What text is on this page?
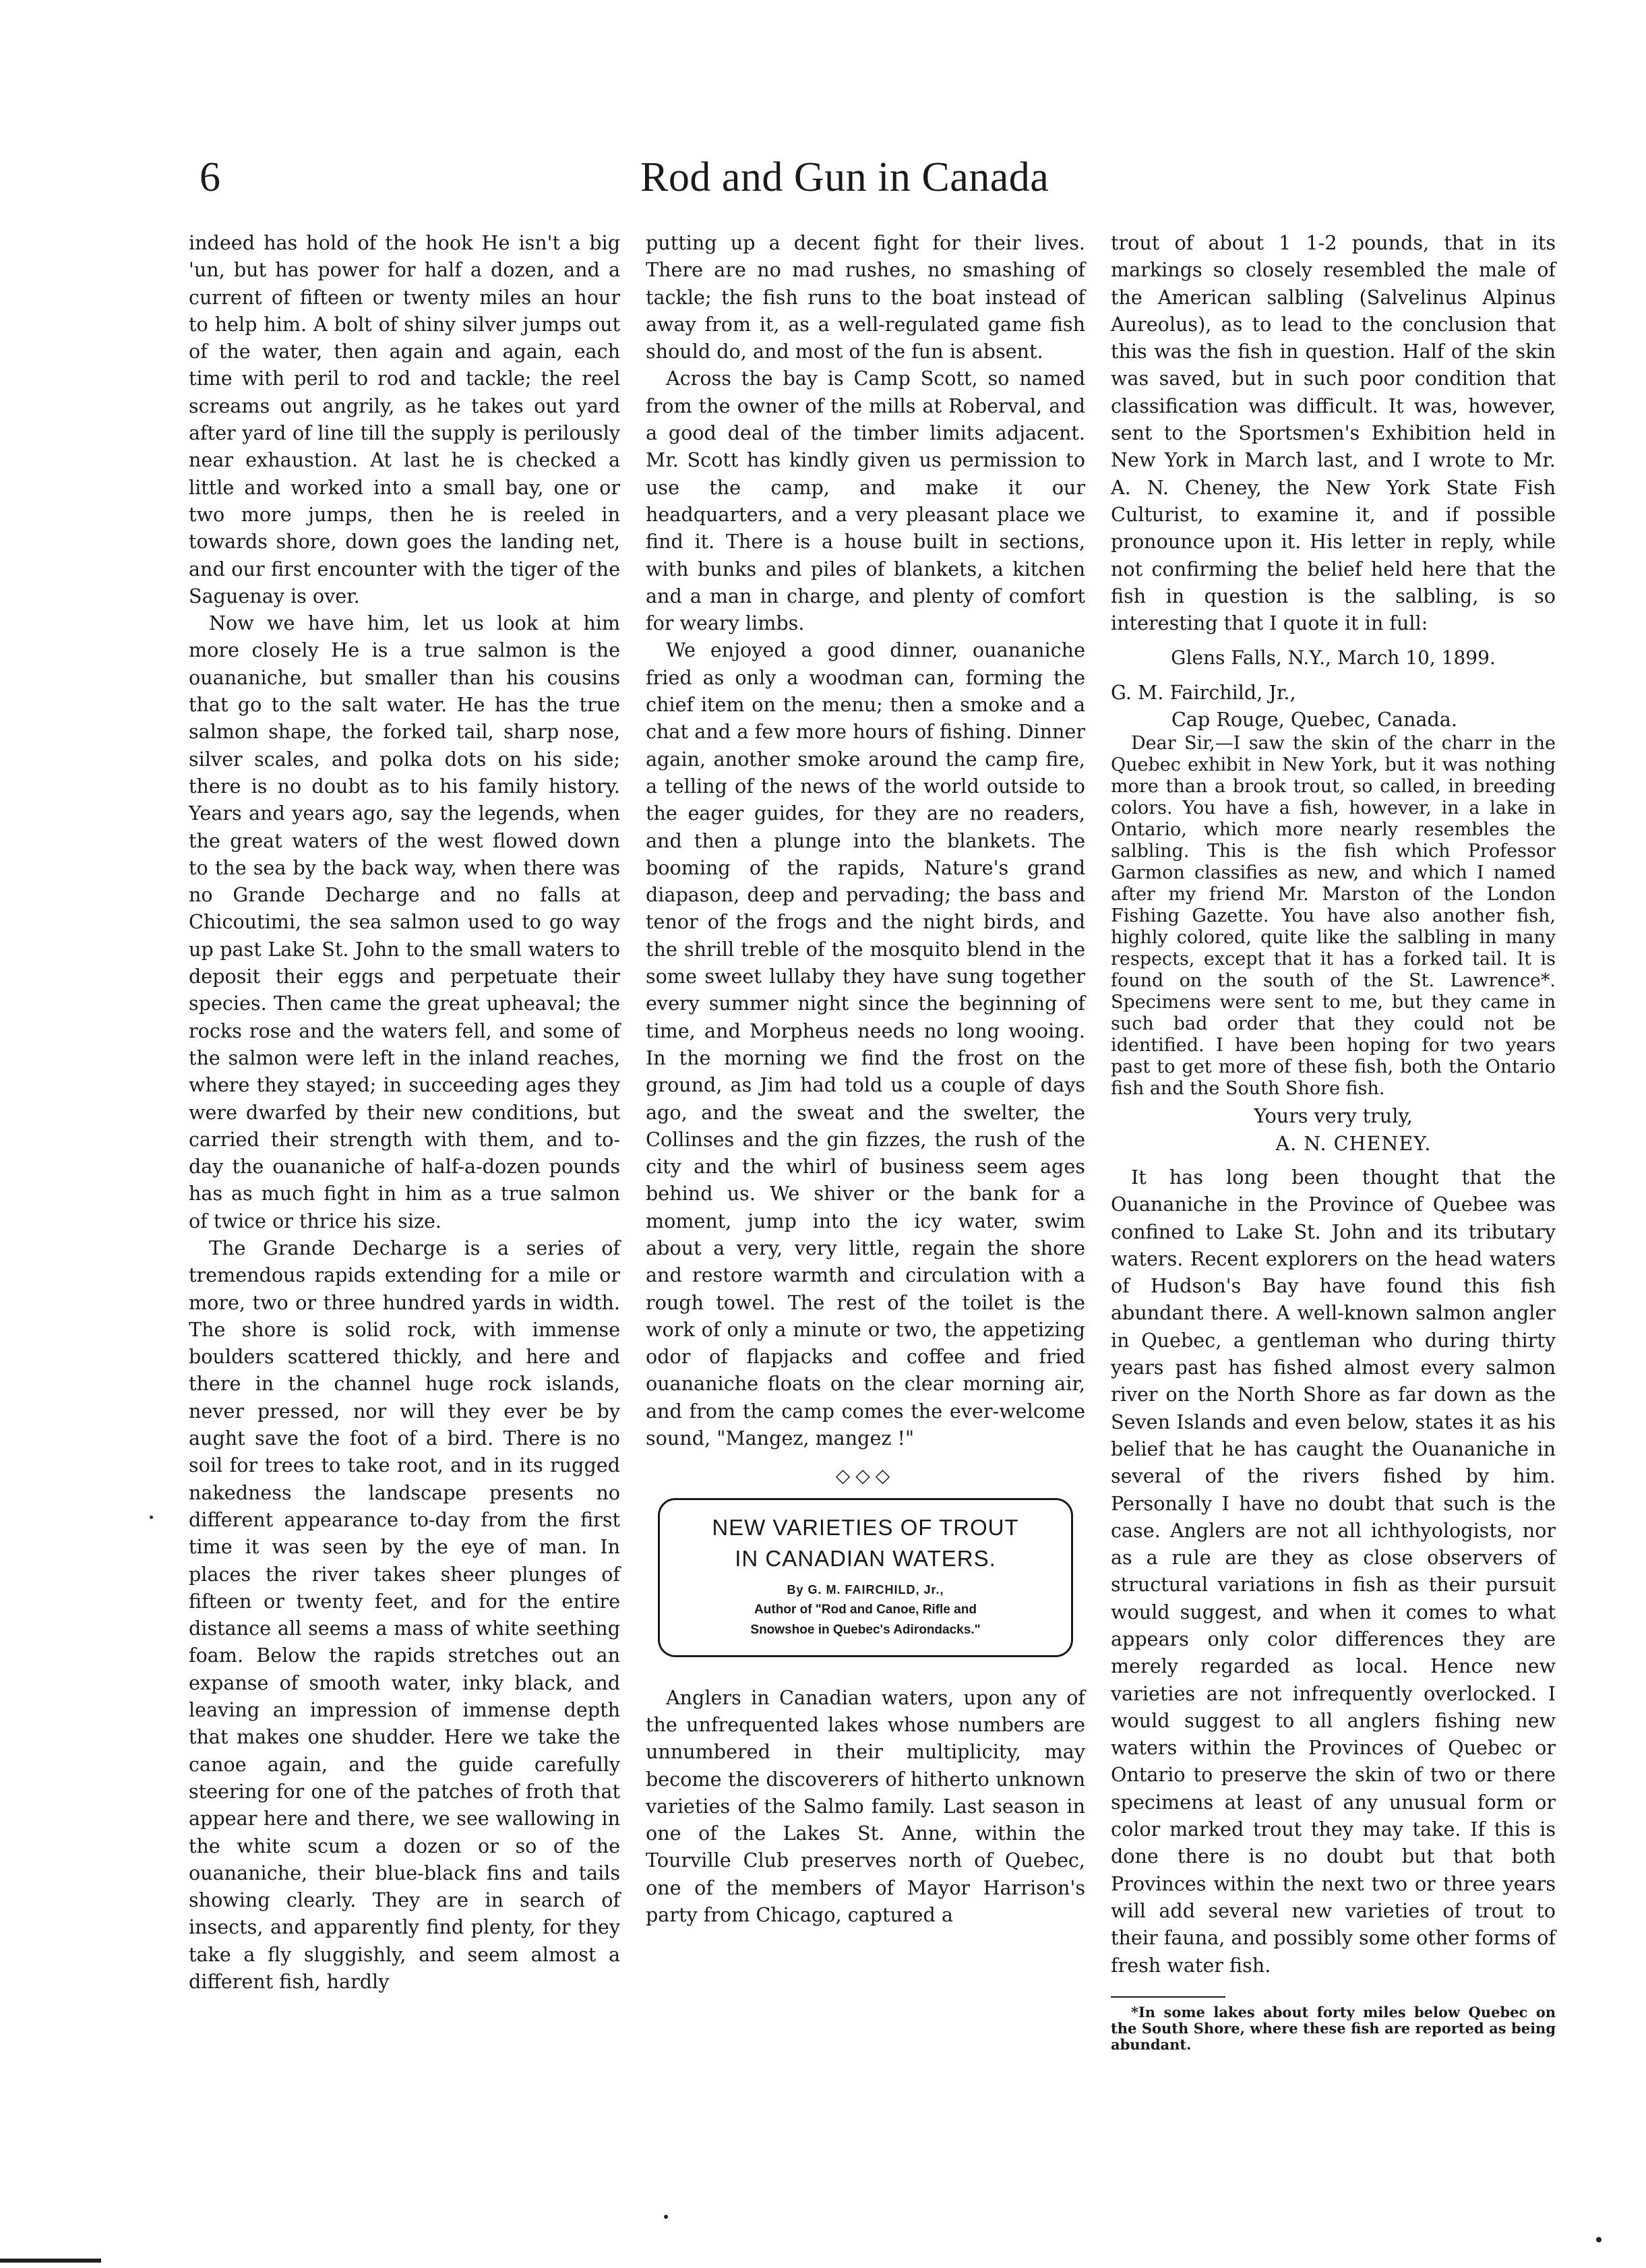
6	Rod and Gun in Canada

indeed has hold of the hook He isn't a big 'un, but has power for half a dozen, and a current of fifteen or twenty miles an hour to help him. A bolt of shiny silver jumps out of the water, then again and again, each time with peril to rod and tackle; the reel screams out angrily, as he takes out yard after yard of line till the supply is perilously near exhaustion. At last he is checked a little and worked into a small bay, one or two more jumps, then he is reeled in towards shore, down goes the landing net, and our first encounter with the tiger of the Saguenay is over.

Now we have him, let us look at him more closely He is a true salmon is the ouananiche, but smaller than his cousins that go to the salt water. He has the true salmon shape, the forked tail, sharp nose, silver scales, and polka dots on his side; there is no doubt as to his family history. Years and years ago, say the legends, when the great waters of the west flowed down to the sea by the back way, when there was no Grande Decharge and no falls at Chicoutimi, the sea salmon used to go way up past Lake St. John to the small waters to deposit their eggs and perpetuate their species. Then came the great upheaval; the rocks rose and the waters fell, and some of the salmon were left in the inland reaches, where they stayed; in succeeding ages they were dwarfed by their new conditions, but carried their strength with them, and to-day the ouananiche of half-a-dozen pounds has as much fight in him as a true salmon of twice or thrice his size.

The Grande Decharge is a series of tremendous rapids extending for a mile or more, two or three hundred yards in width. The shore is solid rock, with immense boulders scattered thickly, and here and there in the channel huge rock islands, never pressed, nor will they ever be by aught save the foot of a bird. There is no soil for trees to take root, and in its rugged nakedness the landscape presents no different appearance to-day from the first time it was seen by the eye of man. In places the river takes sheer plunges of fifteen or twenty feet, and for the entire distance all seems a mass of white seething foam. Below the rapids stretches out an expanse of smooth water, inky black, and leaving an impression of immense depth that makes one shudder. Here we take the canoe again, and the guide carefully steering for one of the patches of froth that appear here and there, we see wallowing in the white scum a dozen or so of the ouananiche, their blue-black fins and tails showing clearly. They are in search of insects, and apparently find plenty, for they take a fly sluggishly, and seem almost a different fish, hardly

putting up a decent fight for their lives. There are no mad rushes, no smashing of tackle; the fish runs to the boat instead of away from it, as a well-regulated game fish should do, and most of the fun is absent.

Across the bay is Camp Scott, so named from the owner of the mills at Roberval, and a good deal of the timber limits adjacent. Mr. Scott has kindly given us permission to use the camp, and make it our headquarters, and a very pleasant place we find it. There is a house built in sections, with bunks and piles of blankets, a kitchen and a man in charge, and plenty of comfort for weary limbs.

We enjoyed a good dinner, ouananiche fried as only a woodman can, forming the chief item on the menu; then a smoke and a chat and a few more hours of fishing. Dinner again, another smoke around the camp fire, a telling of the news of the world outside to the eager guides, for they are no readers, and then a plunge into the blankets. The booming of the rapids, Nature's grand diapason, deep and pervading; the bass and tenor of the frogs and the night birds, and the shrill treble of the mosquito blend in the some sweet lullaby they have sung together every summer night since the beginning of time, and Morpheus needs no long wooing. In the morning we find the frost on the ground, as Jim had told us a couple of days ago, and the sweat and the swelter, the Collinses and the gin fizzes, the rush of the city and the whirl of business seem ages behind us. We shiver or the bank for a moment, jump into the icy water, swim about a very, very little, regain the shore and restore warmth and circulation with a rough towel. The rest of the toilet is the work of only a minute or two, the appetizing odor of flapjacks and coffee and fried ouananiche floats on the clear morning air, and from the camp comes the ever-welcome sound, "Mangez, mangez !"

◇◇◇
NEW VARIETIES OF TROUT
IN CANADIAN WATERS.
By G. M. FAIRCHILD, Jr.,
Author of "Rod and Canoe, Rifle and
Snowshoe in Quebec's Adirondacks."

Anglers in Canadian waters, upon any of the unfrequented lakes whose numbers are unnumbered in their multiplicity, may become the discoverers of hitherto unknown varieties of the Salmo family. Last season in one of the Lakes St. Anne, within the Tourville Club preserves north of Quebec, one of the members of Mayor Harrison's party from Chicago, captured a

trout of about 1 1-2 pounds, that in its markings so closely resembled the male of the American salbling (Salvelinus Alpinus Aureolus), as to lead to the conclusion that this was the fish in question. Half of the skin was saved, but in such poor condition that classification was difficult. It was, however, sent to the Sportsmen's Exhibition held in New York in March last, and I wrote to Mr. A. N. Cheney, the New York State Fish Culturist, to examine it, and if possible pronounce upon it. His letter in reply, while not confirming the belief held here that the fish in question is the salbling, is so interesting that I quote it in full:

Glens Falls, N.Y., March 10, 1899.

G. M. Fairchild, Jr.,

Cap Rouge, Quebec, Canada.

Dear Sir,—I saw the skin of the charr in the Quebec exhibit in New York, but it was nothing more than a brook trout, so called, in breeding colors. You have a fish, however, in a lake in Ontario, which more nearly resembles the salbling. This is the fish which Professor Garmon classifies as new, and which I named after my friend Mr. Marston of the London Fishing Gazette. You have also another fish, highly colored, quite like the salbling in many respects, except that it has a forked tail. It is found on the south of the St. Lawrence*. Specimens were sent to me, but they came in such bad order that they could not be identified. I have been hoping for two years past to get more of these fish, both the Ontario fish and the South Shore fish.

Yours very truly,
A. N. CHENEY.

It has long been thought that the Ouananiche in the Province of Quebee was confined to Lake St. John and its tributary waters. Recent explorers on the head waters of Hudson's Bay have found this fish abundant there. A well-known salmon angler in Quebec, a gentleman who during thirty years past has fished almost every salmon river on the North Shore as far down as the Seven Islands and even below, states it as his belief that he has caught the Ouananiche in several of the rivers fished by him. Personally I have no doubt that such is the case. Anglers are not all ichthyologists, nor as a rule are they as close observers of structural variations in fish as their pursuit would suggest, and when it comes to what appears only color differences they are merely regarded as local. Hence new varieties are not infrequently overlocked. I would suggest to all anglers fishing new waters within the Provinces of Quebec or Ontario to preserve the skin of two or there specimens at least of any unusual form or color marked trout they may take. If this is done there is no doubt but that both Provinces within the next two or three years will add several new varieties of trout to their fauna, and possibly some other forms of fresh water fish.

*In some lakes about forty miles below Quebec on the South Shore, where these fish are reported as being abundant.
